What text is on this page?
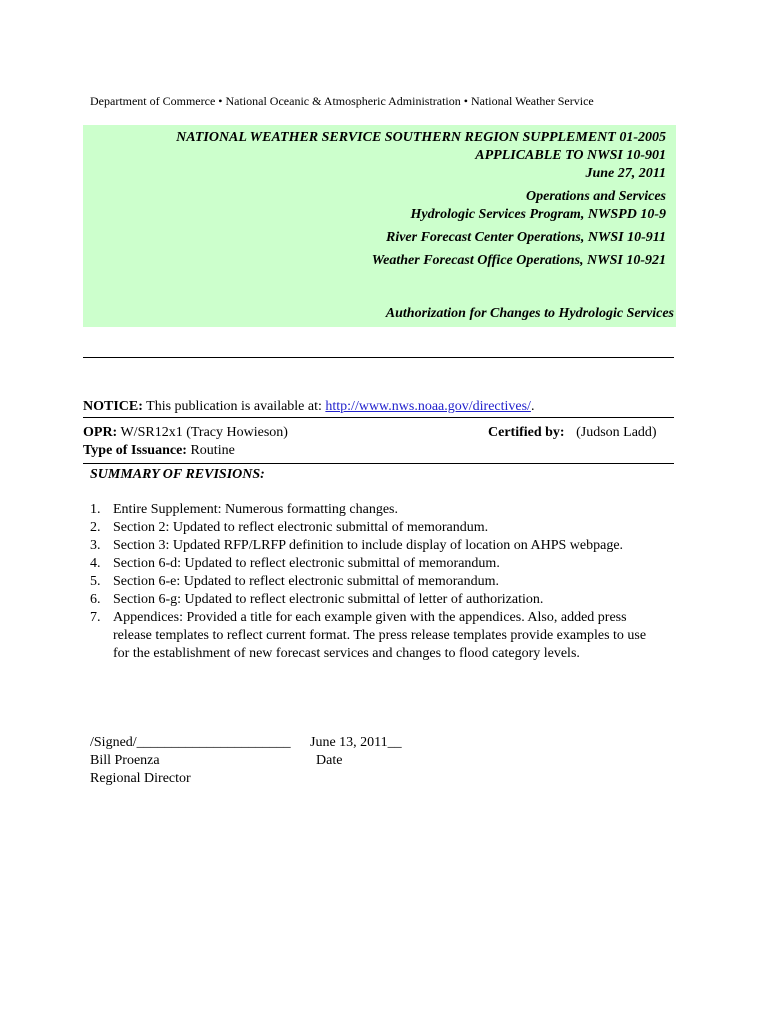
Department of Commerce • National Oceanic & Atmospheric Administration • National Weather Service
NATIONAL WEATHER SERVICE SOUTHERN REGION SUPPLEMENT 01-2005
APPLICABLE TO NWSI 10-901
June 27, 2011
Operations and Services
Hydrologic Services Program, NWSPD 10-9
River Forecast Center Operations, NWSI 10-911
Weather Forecast Office Operations, NWSI 10-921
Authorization for Changes to Hydrologic Services
NOTICE: This publication is available at: http://www.nws.noaa.gov/directives/.
OPR: W/SR12x1 (Tracy Howieson)	Certified by: (Judson Ladd)
Type of Issuance: Routine
SUMMARY OF REVISIONS:
1. Entire Supplement: Numerous formatting changes.
2. Section 2: Updated to reflect electronic submittal of memorandum.
3. Section 3: Updated RFP/LRFP definition to include display of location on AHPS webpage.
4. Section 6-d: Updated to reflect electronic submittal of memorandum.
5. Section 6-e: Updated to reflect electronic submittal of memorandum.
6. Section 6-g: Updated to reflect electronic submittal of letter of authorization.
7. Appendices: Provided a title for each example given with the appendices. Also, added press release templates to reflect current format. The press release templates provide examples to use for the establishment of new forecast services and changes to flood category levels.
/Signed/______________________ June 13, 2011__
Bill Proenza	Date
Regional Director
